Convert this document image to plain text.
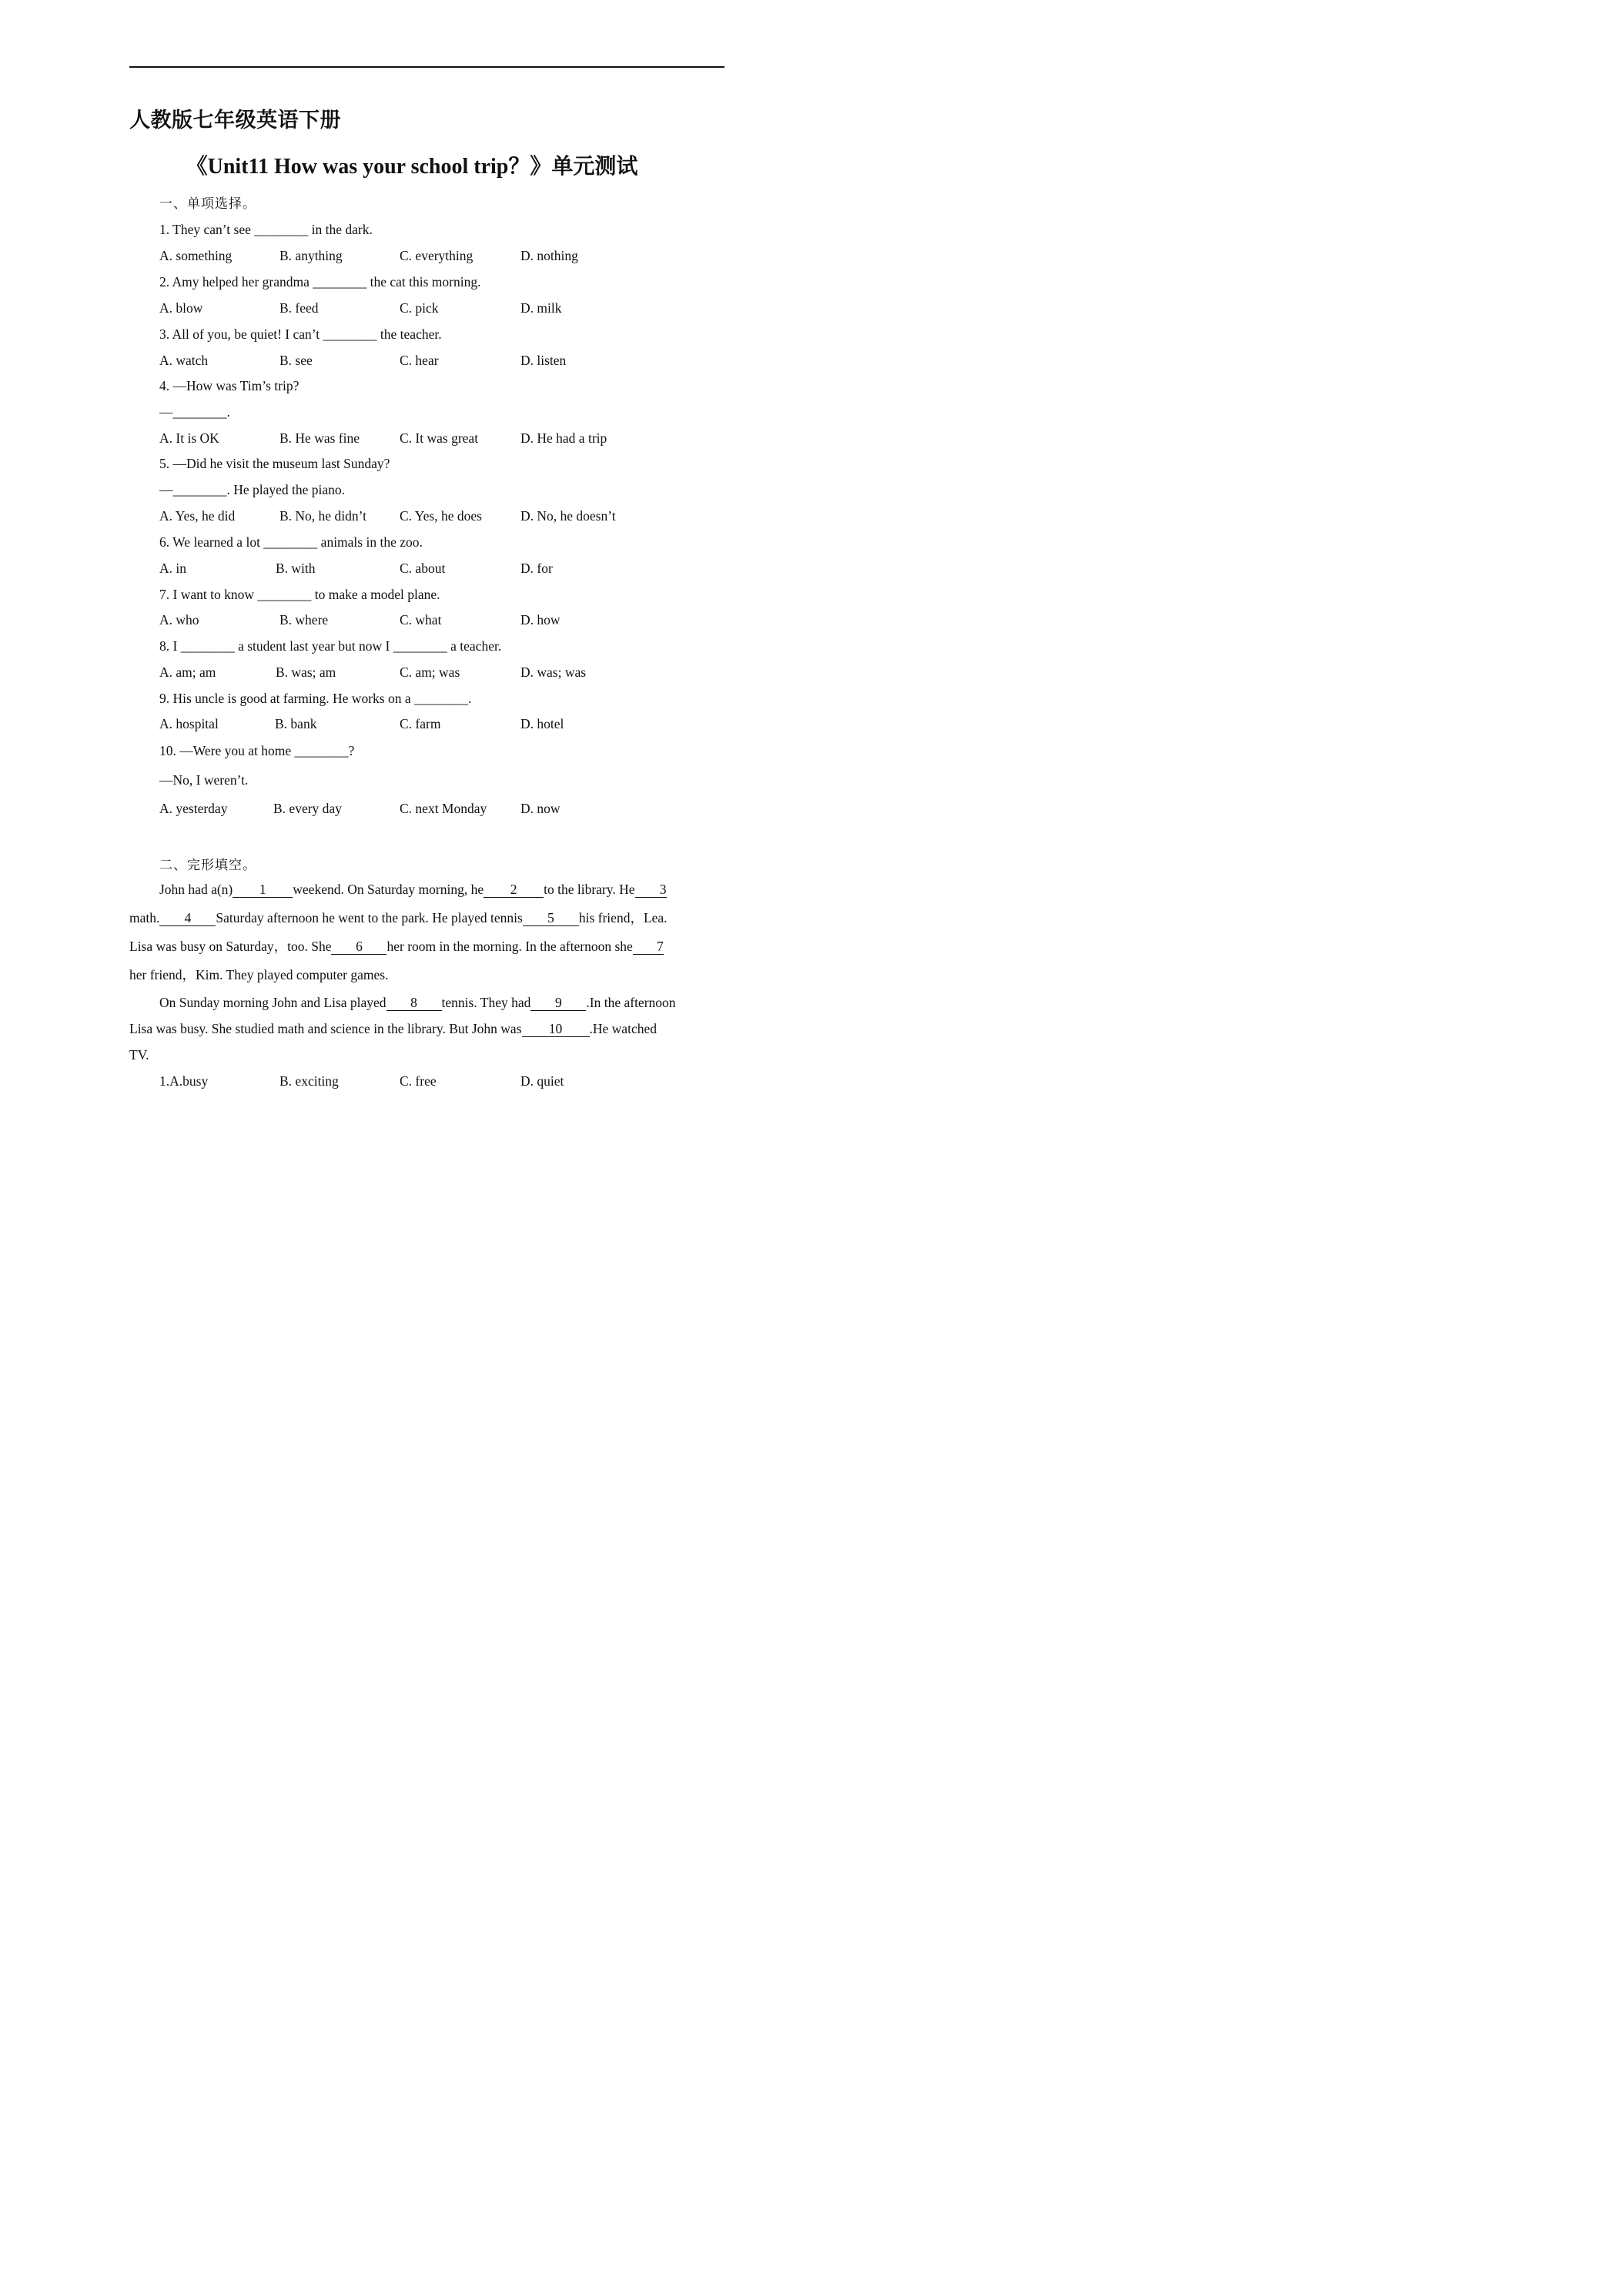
人教版七年级英语下册
《Unit11 How was your school trip？》单元测试
一、单项选择。
1. They can’t see ________ in the dark.
A. something	B. anything	C. everything	D. nothing
2. Amy helped her grandma ________ the cat this morning.
A. blow	B. feed	C. pick	D. milk
3. All of you, be quiet! I can’t ________ the teacher.
A. watch	B. see	C. hear	D. listen
4. —How was Tim’s trip?
—________.
A. It is OK	B. He was fine	C. It was great	D. He had a trip
5. —Did he visit the museum last Sunday?
—________. He played the piano.
A. Yes, he did	B. No, he didn’t C. Yes, he does	D. No, he doesn’t
6. We learned a lot ________ animals in the zoo.
A. in	B. with	C. about	D. for
7. I want to know ________ to make a model plane.
A. who	B. where	C. what	D. how
8. I ________ a student last year but now I ________ a teacher.
A. am; am	B. was; am	C. am; was	D. was; was
9. His uncle is good at farming. He works on a ________.
A. hospital	B. bank	C. farm	D. hotel
10. —Were you at home ________?
—No, I weren’t.
A. yesterday	B. every day	C. next Monday D. now
二、完形填空。
John had a(n) 1 weekend. On Saturday morning, he 2 to the library. He 3
math. 4 Saturday afternoon he went to the park. He played tennis 5 his friend，Lea.
Lisa was busy on Saturday，too. She 6 her room in the morning. In the afternoon she 7
her friend，Kim. They played computer games.
On Sunday morning John and Lisa played 8 tennis. They had 9 .In the afternoon
Lisa was busy. She studied math and science in the library. But John was 10 .He watched
TV.
1.A.busy	B. exciting	C. free	D. quiet
